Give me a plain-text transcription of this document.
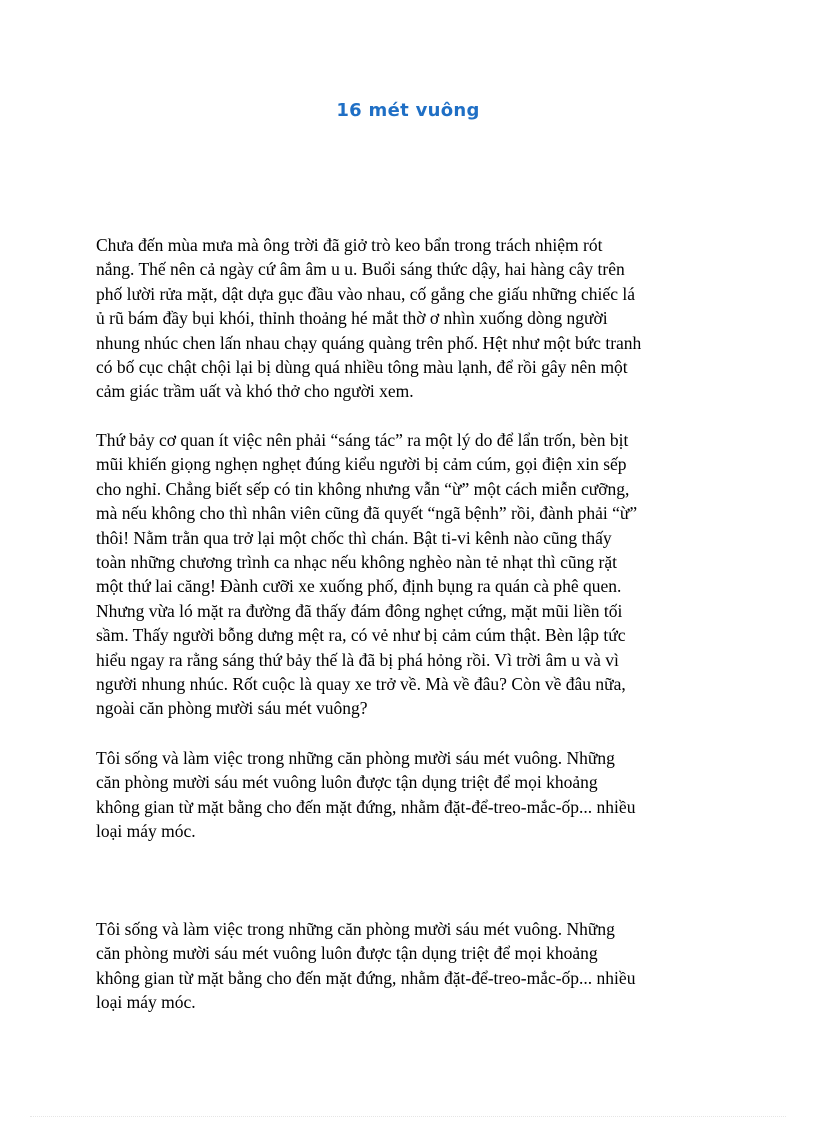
16 mét vuông

Chưa đến mùa mưa mà ông trời đã giở trò keo bẩn trong trách nhiệm rót
nắng. Thế nên cả ngày cứ âm âm u u. Buổi sáng thức dậy, hai hàng cây trên
phố lười rửa mặt, dật dựa gục đầu vào nhau, cố gắng che giấu những chiếc lá
ủ rũ bám đầy bụi khói, thỉnh thoảng hé mắt thờ ơ nhìn xuống dòng người
nhung nhúc chen lấn nhau chạy quáng quàng trên phố. Hệt như một bức tranh
có bố cục chật chội lại bị dùng quá nhiều tông màu lạnh, để rồi gây nên một
cảm giác trầm uất và khó thở cho người xem.

Thứ bảy cơ quan ít việc nên phải “sáng tác” ra một lý do để lẩn trốn, bèn bịt
mũi khiến giọng nghẹn nghẹt đúng kiểu người bị cảm cúm, gọi điện xin sếp
cho nghỉ. Chẳng biết sếp có tin không nhưng vẫn “ừ” một cách miễn cưỡng,
mà nếu không cho thì nhân viên cũng đã quyết “ngã bệnh” rồi, đành phải “ừ”
thôi! Nằm trằn qua trở lại một chốc thì chán. Bật ti-vi kênh nào cũng thấy
toàn những chương trình ca nhạc nếu không nghèo nàn tẻ nhạt thì cũng rặt
một thứ lai căng! Đành cưỡi xe xuống phố, định bụng ra quán cà phê quen.
Nhưng vừa ló mặt ra đường đã thấy đám đông nghẹt cứng, mặt mũi liền tối
sầm. Thấy người bỗng dưng mệt ra, có vẻ như bị cảm cúm thật. Bèn lập tức
hiểu ngay ra rằng sáng thứ bảy thế là đã bị phá hỏng rồi. Vì trời âm u và vì
người nhung nhúc. Rốt cuộc là quay xe trở về. Mà về đâu? Còn về đâu nữa,
ngoài căn phòng mười sáu mét vuông?

Tôi sống và làm việc trong những căn phòng mười sáu mét vuông. Những
căn phòng mười sáu mét vuông luôn được tận dụng triệt để mọi khoảng
không gian từ mặt bằng cho đến mặt đứng, nhằm đặt-để-treo-mắc-ốp... nhiều
loại máy móc.

Tôi sống và làm việc trong những căn phòng mười sáu mét vuông. Những
căn phòng mười sáu mét vuông luôn được tận dụng triệt để mọi khoảng
không gian từ mặt bằng cho đến mặt đứng, nhằm đặt-để-treo-mắc-ốp... nhiều
loại máy móc.
